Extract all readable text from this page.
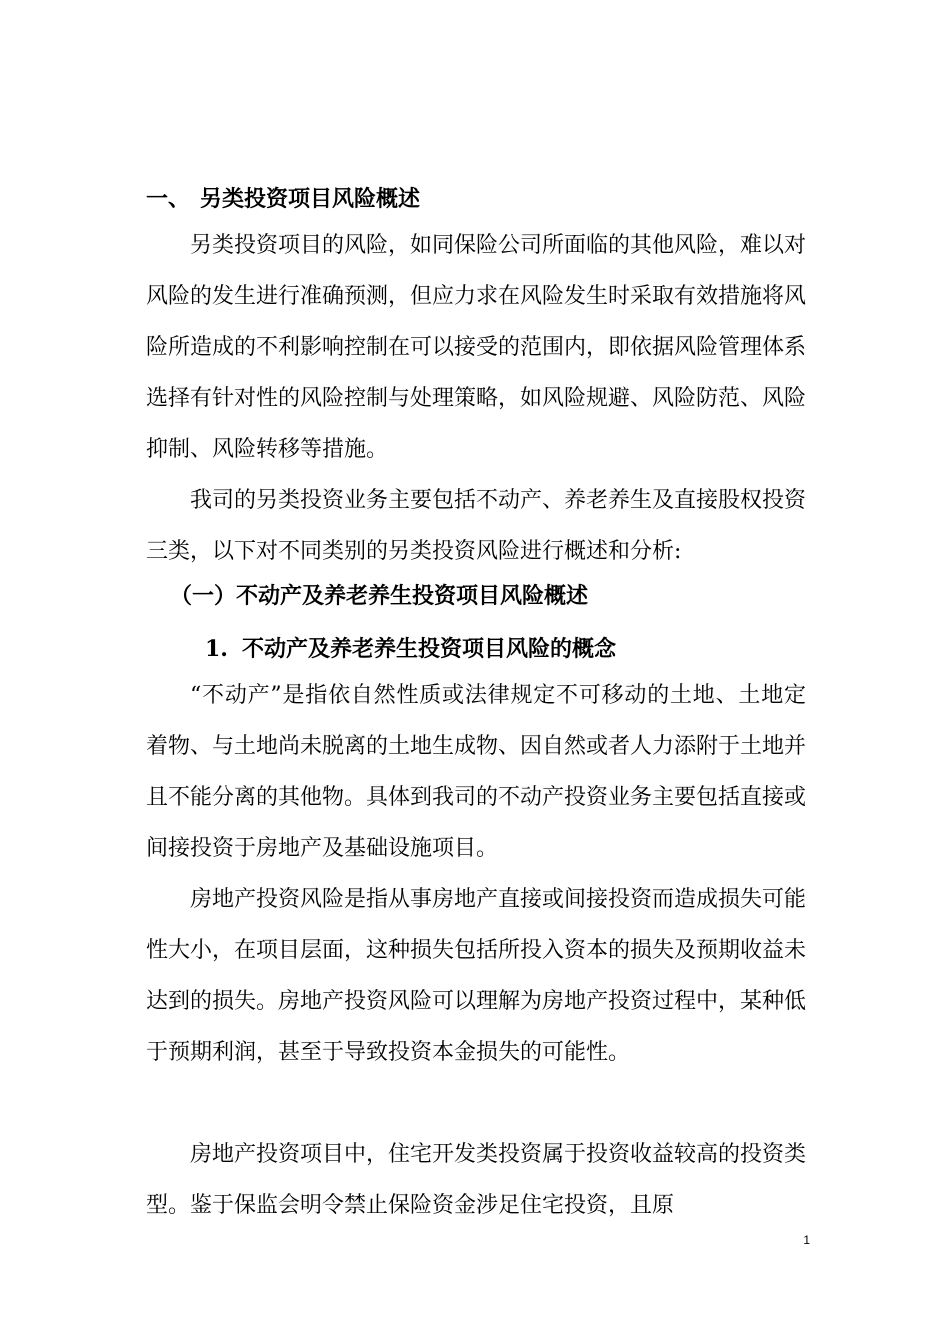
一、 另类投资项目风险概述

另类投资项目的风险，如同保险公司所面临的其他风险，难以对风险的发生进行准确预测，但应力求在风险发生时采取有效措施将风险所造成的不利影响控制在可以接受的范围内，即依据风险管理体系选择有针对性的风险控制与处理策略，如风险规避、风险防范、风险抑制、风险转移等措施。

我司的另类投资业务主要包括不动产、养老养生及直接股权投资三类，以下对不同类别的另类投资风险进行概述和分析:

（一）不动产及养老养生投资项目风险概述
1. 不动产及养老养生投资项目风险的概念

“不动产”是指依自然性质或法律规定不可移动的土地、土地定着物、与土地尚未脱离的土地生成物、因自然或者人力添附于土地并且不能分离的其他物。具体到我司的不动产投资业务主要包括直接或间接投资于房地产及基础设施项目。

房地产投资风险是指从事房地产直接或间接投资而造成损失可能性大小，在项目层面，这种损失包括所投入资本的损失及预期收益未达到的损失。房地产投资风险可以理解为房地产投资过程中，某种低于预期利润，甚至于导致投资本金损失的可能性。

房地产投资项目中，住宅开发类投资属于投资收益较高的投资类型。鉴于保监会明令禁止保险资金涉足住宅投资，且原

1
